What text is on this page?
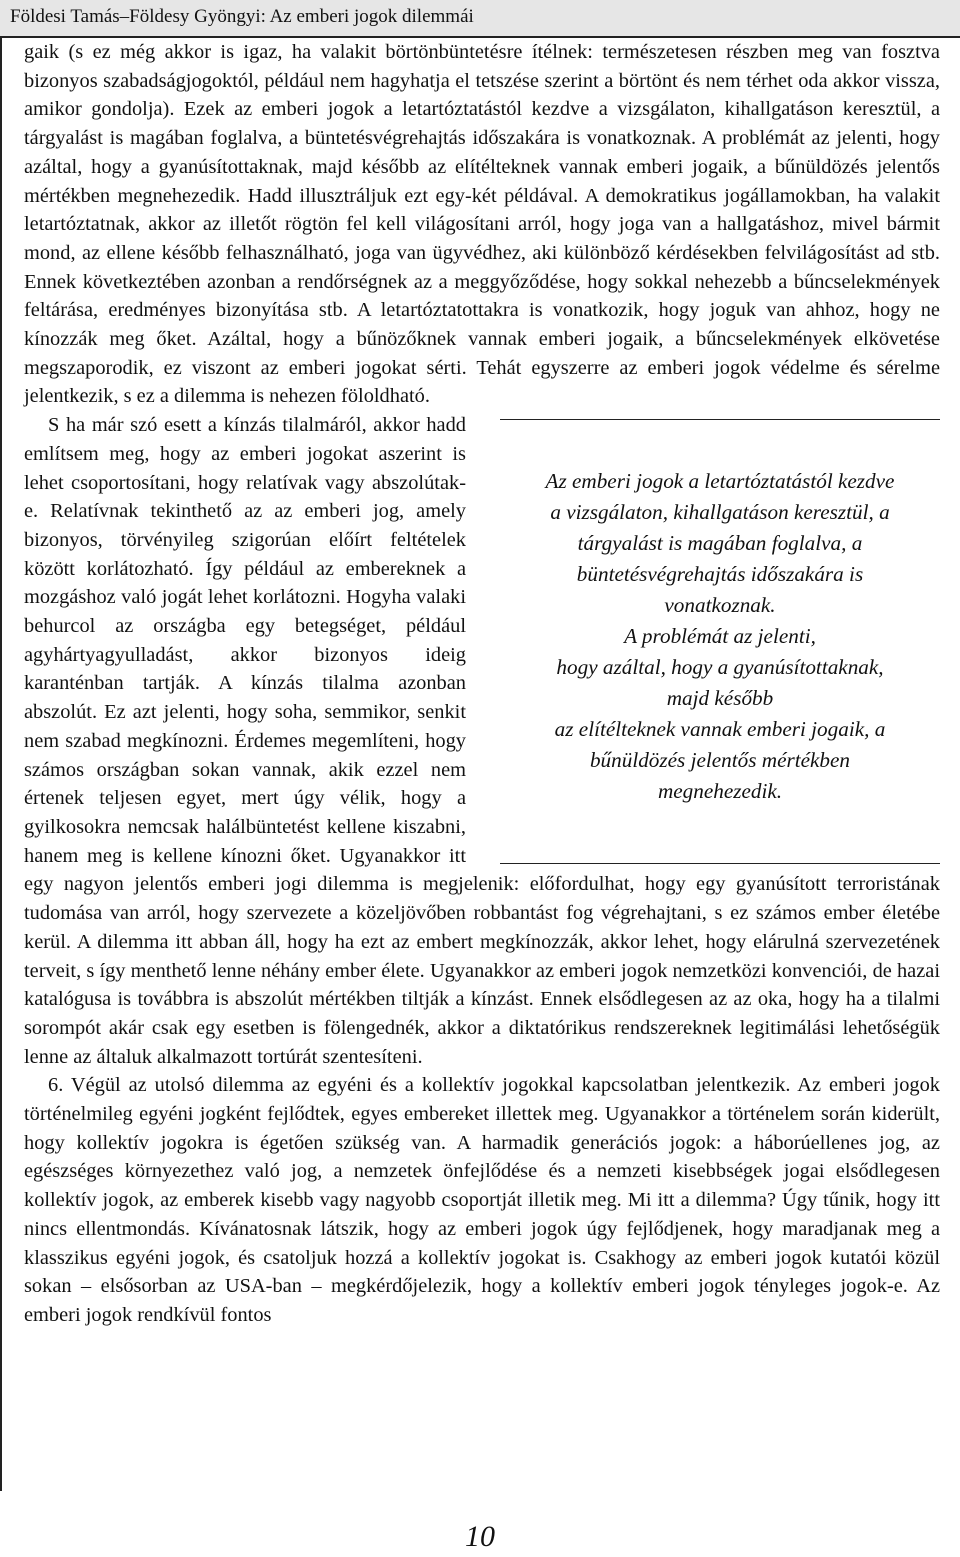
Földesi Tamás–Földesy Gyöngyi: Az emberi jogok dilemmái

gaik (s ez még akkor is igaz, ha valakit börtönbüntetésre ítélnek: természetesen részben meg van fosztva bizonyos szabadságjogoktól, például nem hagyhatja el tetszése szerint a börtönt és nem térhet oda akkor vissza, amikor gondolja). Ezek az emberi jogok a letartóztatástól kezdve a vizsgálaton, kihallgatáson keresztül, a tárgyalást is magában foglalva, a büntetésvégrehajtás időszakára is vonatkoznak. A problémát az jelenti, hogy azáltal, hogy a gyanúsítottaknak, majd később az elítélteknek vannak emberi jogaik, a bűnüldözés jelentős mértékben megnehezedik. Hadd illusztráljuk ezt egy-két példával. A demokratikus jogállamokban, ha valakit letartóztatnak, akkor az illetőt rögtön fel kell világosítani arról, hogy joga van a hallgatáshoz, mivel bármit mond, az ellene később felhasználható, joga van ügyvédhez, aki különböző kérdésekben felvilágosítást ad stb. Ennek következtében azonban a rendőrségnek az a meggyőződése, hogy sokkal nehezebb a bűncselekmények feltárása, eredményes bizonyítása stb. A letartóztatottakra is vonatkozik, hogy joguk van ahhoz, hogy ne kínozzák meg őket. Azáltal, hogy a bűnözőknek vannak emberi jogaik, a bűncselekmények elkövetése megszaporodik, ez viszont az emberi jogokat sérti. Tehát egyszerre az emberi jogok védelme és sérelme jelentkezik, s ez a dilemma is nehezen föloldható.

Az emberi jogok a letartóztatástól kezdve
a vizsgálaton, kihallgatáson keresztül, a
tárgyalást is magában foglalva, a
büntetésvégrehajtás időszakára is
vonatkoznak.
A problémát az jelenti,
hogy azáltal, hogy a gyanúsítottaknak,
majd később
az elítélteknek vannak emberi jogaik, a
bűnüldözés jelentős mértékben
megnehezedik.

S ha már szó esett a kínzás tilalmáról, akkor hadd említsem meg, hogy az emberi jogokat aszerint is lehet csoportosítani, hogy relatívak vagy abszolútak-e. Relatívnak tekinthető az az emberi jog, amely bizonyos, törvényileg szigorúan előírt feltételek között korlátozható. Így például az embereknek a mozgáshoz való jogát lehet korlátozni. Hogyha valaki behurcol az országba egy betegséget, például agyhártyagyulladást, akkor bizonyos ideig karanténban tartják. A kínzás tilalma azonban abszolút. Ez azt jelenti, hogy soha, semmikor, senkit nem szabad megkínozni. Érdemes megemlíteni, hogy számos országban sokan vannak, akik ezzel nem értenek teljesen egyet, mert úgy vélik, hogy a gyilkosokra nemcsak halálbüntetést kellene kiszabni, hanem meg is kellene kínozni őket. Ugyanakkor itt egy nagyon jelentős emberi jogi dilemma is megjelenik: előfordulhat, hogy egy gyanúsított terroristának tudomása van arról, hogy szervezete a közeljövőben robbantást fog végrehajtani, s ez számos ember életébe kerül. A dilemma itt abban áll, hogy ha ezt az embert megkínozzák, akkor lehet, hogy elárulná szervezetének terveit, s így menthető lenne néhány ember élete. Ugyanakkor az emberi jogok nemzetközi konvenciói, de hazai katalógusa is továbbra is abszolút mértékben tiltják a kínzást. Ennek elsődlegesen az az oka, hogy ha a tilalmi sorompót akár csak egy esetben is fölengednék, akkor a diktatórikus rendszereknek legitimálási lehetőségük lenne az általuk alkalmazott tortúrát szentesíteni.

6. Végül az utolsó dilemma az egyéni és a kollektív jogokkal kapcsolatban jelentkezik. Az emberi jogok történelmileg egyéni jogként fejlődtek, egyes embereket illettek meg. Ugyanakkor a történelem során kiderült, hogy kollektív jogokra is égetően szükség van. A harmadik generációs jogok: a háborúellenes jog, az egészséges környezethez való jog, a nemzetek önfejlődése és a nemzeti kisebbségek jogai elsődlegesen kollektív jogok, az emberek kisebb vagy nagyobb csoportját illetik meg. Mi itt a dilemma? Úgy tűnik, hogy itt nincs ellentmondás. Kívánatosnak látszik, hogy az emberi jogok úgy fejlődjenek, hogy maradjanak meg a klasszikus egyéni jogok, és csatoljuk hozzá a kollektív jogokat is. Csakhogy az emberi jogok kutatói közül sokan – elsősorban az USA-ban – megkérdőjelezik, hogy a kollektív emberi jogok tényleges jogok-e. Az emberi jogok rendkívül fontos

10
